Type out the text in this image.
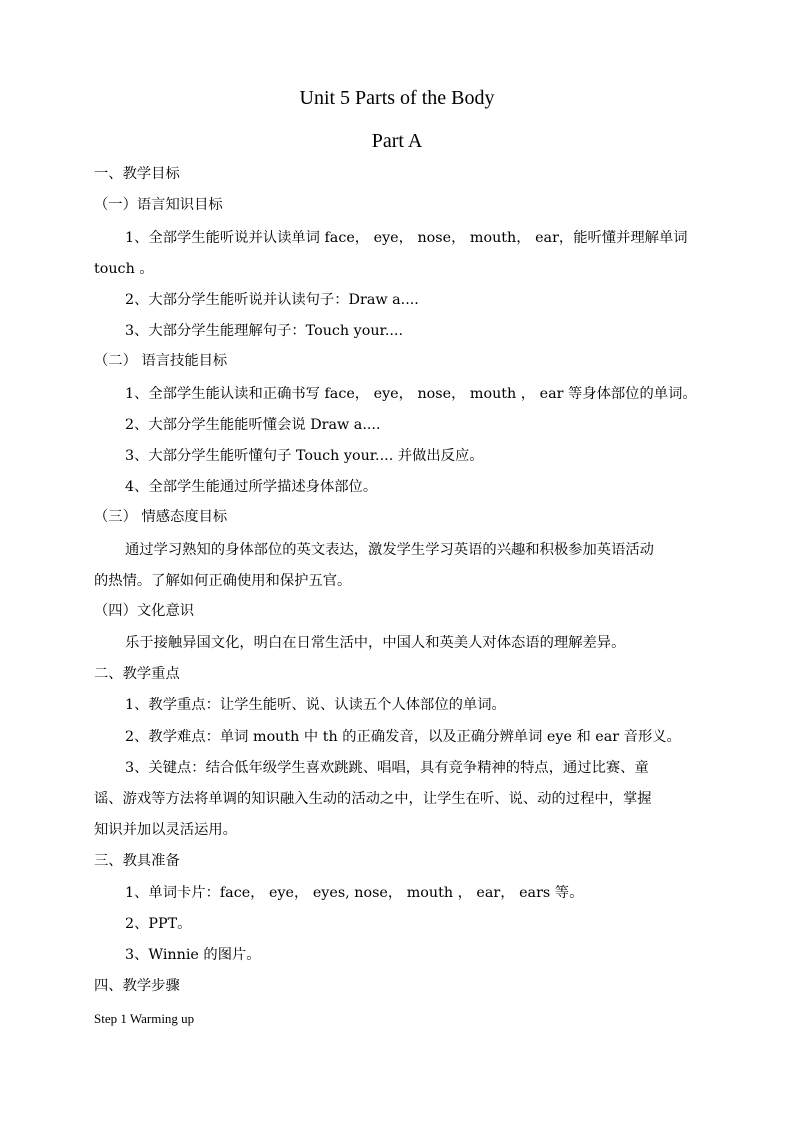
Unit 5 Parts of the Body
Part A
一、教学目标
（一）语言知识目标
1、全部学生能听说并认读单词 face， eye， nose， mouth， ear，能听懂并理解单词
touch 。
2、大部分学生能听说并认读句子：Draw a....
3、大部分学生能理解句子：Touch your....
（二） 语言技能目标
1、全部学生能认读和正确书写 face， eye， nose， mouth ， ear 等身体部位的单词。
2、大部分学生能能听懂会说 Draw a....
3、大部分学生能听懂句子 Touch your.... 并做出反应。
4、全部学生能通过所学描述身体部位。
（三） 情感态度目标
通过学习熟知的身体部位的英文表达，激发学生学习英语的兴趣和积极参加英语活动
的热情。了解如何正确使用和保护五官。
（四）文化意识
乐于接触异国文化，明白在日常生活中，中国人和英美人对体态语的理解差异。
二、教学重点
1、教学重点：让学生能听、说、认读五个人体部位的单词。
2、教学难点：单词 mouth 中 th 的正确发音，以及正确分辨单词 eye 和 ear 音形义。
3、关键点：结合低年级学生喜欢跳跳、唱唱，具有竞争精神的特点，通过比赛、童
谣、游戏等方法将单调的知识融入生动的活动之中，让学生在听、说、动的过程中，掌握
知识并加以灵活运用。
三、教具准备
1、单词卡片：face， eye， eyes, nose， mouth ， ear， ears 等。
2、PPT。
3、Winnie 的图片。
四、教学步骤
Step 1 Warming up
